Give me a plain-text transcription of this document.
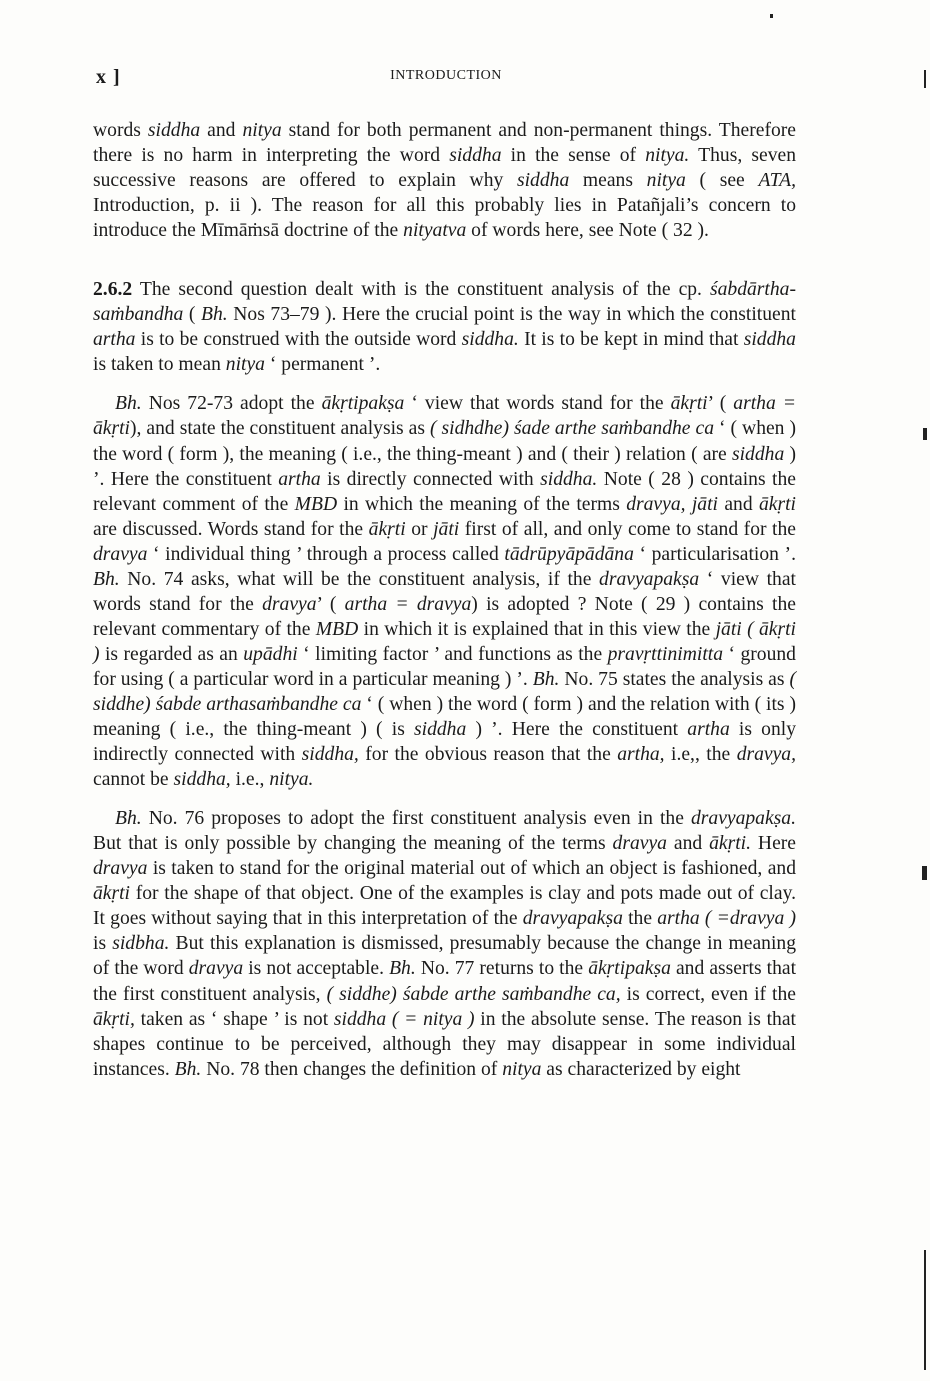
x ]	INTRODUCTION

words siddha and nitya stand for both permanent and non-permanent things. Therefore there is no harm in interpreting the word siddha in the sense of nitya. Thus, seven successive reasons are offered to explain why siddha means nitya ( see ATA, Introduction, p. ii ). The reason for all this probably lies in Patañjali’s concern to introduce the Mīmāṁsā doctrine of the nityatva of words here, see Note ( 32 ).

2.6.2 The second question dealt with is the constituent analysis of the cp. śabdārtha-saṁbandha ( Bh. Nos 73–79 ). Here the crucial point is the way in which the constituent artha is to be construed with the outside word siddha. It is to be kept in mind that siddha is taken to mean nitya ‘ permanent ’.

Bh. Nos 72-73 adopt the ākṛtipakṣa ‘ view that words stand for the ākṛti’ ( artha = ākṛti), and state the constituent analysis as ( sidhdhe) śade arthe saṁbandhe ca ‘ ( when ) the word ( form ), the meaning ( i.e., the thing-meant ) and ( their ) relation ( are siddha ) ’. Here the constituent artha is directly connected with siddha. Note ( 28 ) contains the relevant comment of the MBD in which the meaning of the terms dravya, jāti and ākṛti are discussed. Words stand for the ākṛti or jāti first of all, and only come to stand for the dravya ‘ individual thing ’ through a process called tādrūpyāpādāna ‘ particularisation ’. Bh. No. 74 asks, what will be the constituent analysis, if the dravyapakṣa ‘ view that words stand for the dravya’ ( artha = dravya) is adopted ? Note ( 29 ) contains the relevant commentary of the MBD in which it is explained that in this view the jāti ( ākṛti ) is regarded as an upādhi ‘ limiting factor ’ and functions as the pravṛttinimitta ‘ ground for using ( a particular word in a particular meaning ) ’. Bh. No. 75 states the analysis as ( siddhe) śabde arthasaṁbandhe ca ‘ ( when ) the word ( form ) and the relation with ( its ) meaning ( i.e., the thing-meant ) ( is siddha ) ’. Here the constituent artha is only indirectly connected with siddha, for the obvious reason that the artha, i.e,, the dravya, cannot be siddha, i.e., nitya.

Bh. No. 76 proposes to adopt the first constituent analysis even in the dravyapakṣa. But that is only possible by changing the meaning of the terms dravya and ākṛti. Here dravya is taken to stand for the original material out of which an object is fashioned, and ākṛti for the shape of that object. One of the examples is clay and pots made out of clay. It goes without saying that in this interpretation of the dravyapakṣa the artha ( =dravya ) is sidbha. But this explanation is dismissed, presumably because the change in meaning of the word dravya is not acceptable. Bh. No. 77 returns to the ākṛtipakṣa and asserts that the first constituent analysis, ( siddhe) śabde arthe saṁbandhe ca, is correct, even if the ākṛti, taken as ‘ shape ’ is not siddha ( = nitya ) in the absolute sense. The reason is that shapes continue to be perceived, although they may disappear in some individual instances. Bh. No. 78 then changes the definition of nitya as characterized by eight
